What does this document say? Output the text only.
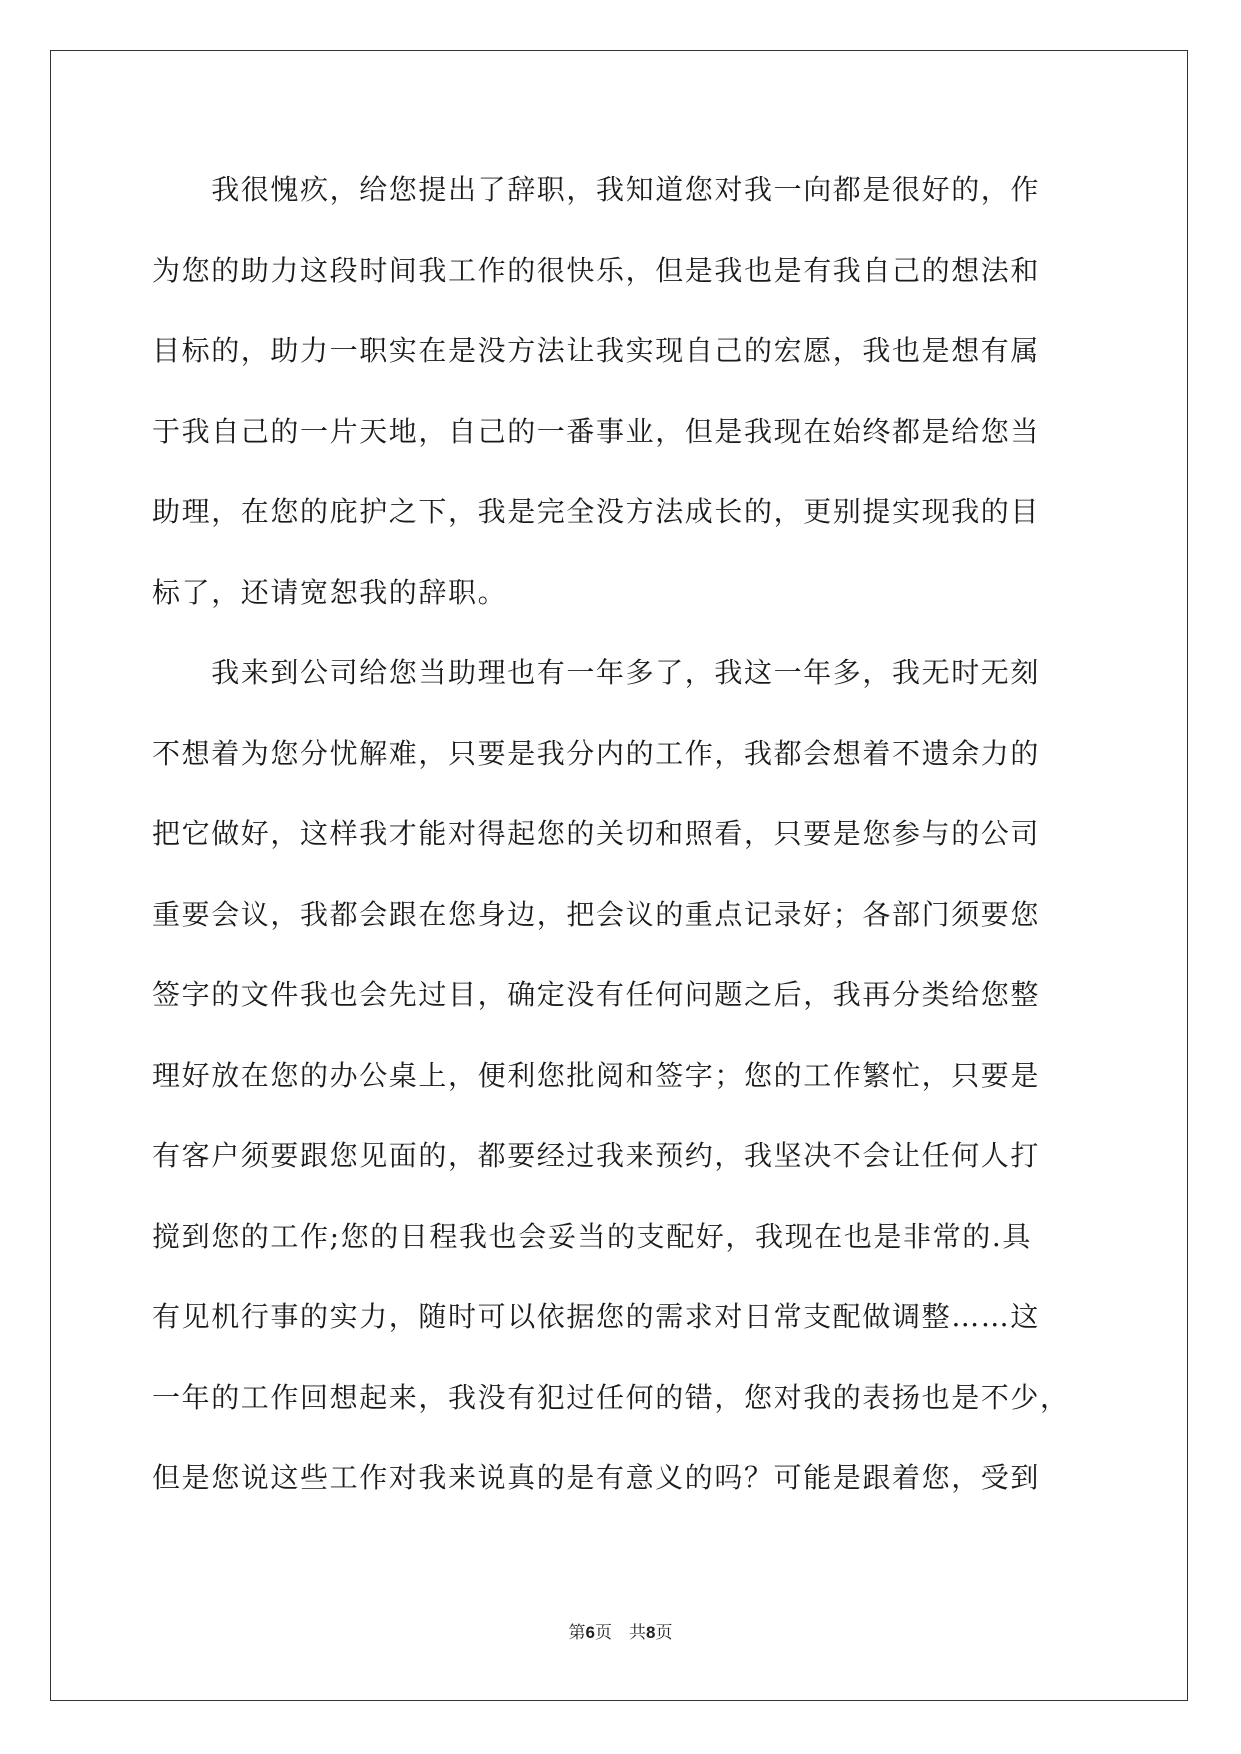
　　我很愧疚，给您提出了辞职，我知道您对我一向都是很好的，作
为您的助力这段时间我工作的很快乐，但是我也是有我自己的想法和
目标的，助力一职实在是没方法让我实现自己的宏愿，我也是想有属
于我自己的一片天地，自己的一番事业，但是我现在始终都是给您当
助理，在您的庇护之下，我是完全没方法成长的，更别提实现我的目
标了，还请宽恕我的辞职。
　　我来到公司给您当助理也有一年多了，我这一年多，我无时无刻
不想着为您分忧解难，只要是我分内的工作，我都会想着不遗余力的
把它做好，这样我才能对得起您的关切和照看，只要是您参与的公司
重要会议，我都会跟在您身边，把会议的重点记录好；各部门须要您
签字的文件我也会先过目，确定没有任何问题之后，我再分类给您整
理好放在您的办公桌上，便利您批阅和签字；您的工作繁忙，只要是
有客户须要跟您见面的，都要经过我来预约，我坚决不会让任何人打
搅到您的工作;您的日程我也会妥当的支配好，我现在也是非常的.具
有见机行事的实力，随时可以依据您的需求对日常支配做调整……这
一年的工作回想起来，我没有犯过任何的错，您对我的表扬也是不少，
但是您说这些工作对我来说真的是有意义的吗？可能是跟着您，受到
第6页　共8页
